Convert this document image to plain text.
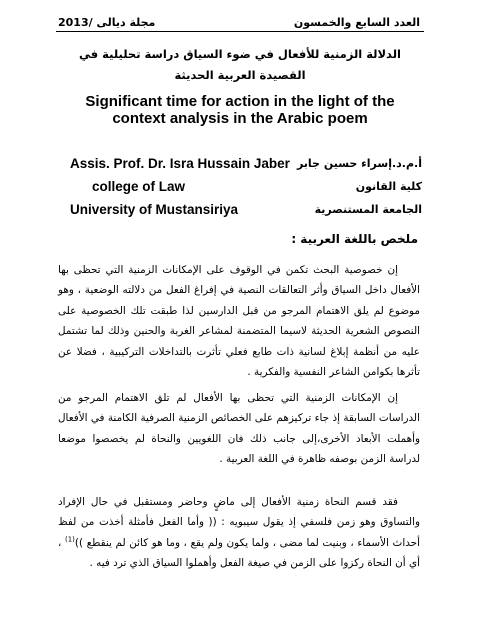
العدد السابع والخمسون
مجلة ديالى /2013
الدلالة الزمنية للأفعال في ضوء السياق دراسة تحليلية في القصيدة العربية الحديثة
Significant time for action in the light of the context analysis in the Arabic poem
Assis. Prof. Dr. Isra Hussain Jaber أ.م.د.إسراء حسين جابر
college of Law	كلية القانون
University of Mustansiriya	الجامعة المستنصرية
ملخص باللغة العربية :
إن خصوصية البحث تكمن في الوقوف على الإمكانات الزمنية التي تحظى بها الأفعال داخل السياق وأثر التعالقات النصية في إفراغ الفعل من دلالته الوضعية ، وهو موضوع لم يلق الاهتمام المرجو من قبل الدارسين لذا طبقت تلك الخصوصية على النصوص الشعرية الحديثة لاسيما المتضمنة لمشاعر الغربة والحنين وذلك لما تشتمل عليه من أنظمة إبلاغ لسانية ذات طابع فعلي تأثرت بالتداخلات التركيبية ، فضلا عن تأثرها بكوامن الشاعر النفسية والفكرية .
إن الإمكانات الزمنية التي تحظى بها الأفعال لم تلق الاهتمام المرجو من الدراسات السابقة إذ جاء تركيزهم على الخصائص الزمنية الصرفية الكامنة في الأفعال وأهملت الأبعاد الأخرى،إلى جانب ذلك فان اللغويين والنحاة لم يخصصوا موضعا لدراسة الزمن بوصفه ظاهرة في اللغة العربية .
فقد قسم النحاة زمنية الأفعال إلى ماضٍ وحاضر ومستقبل في حال الإفراد والتساوق وهو زمن فلسفي إذ يقول سيبويه : (( وأما الفعل فأمثلة أخذت من لفظ أحداث الأسماء ، وبنيت لما مضى ، ولما يكون ولم يقع ، وما هو كائن لم ينقطع ))$^{(1)}$ ، أي أن النحاة ركزوا على الزمن في صيغة الفعل وأهملوا السياق الذي ترد فيه .
